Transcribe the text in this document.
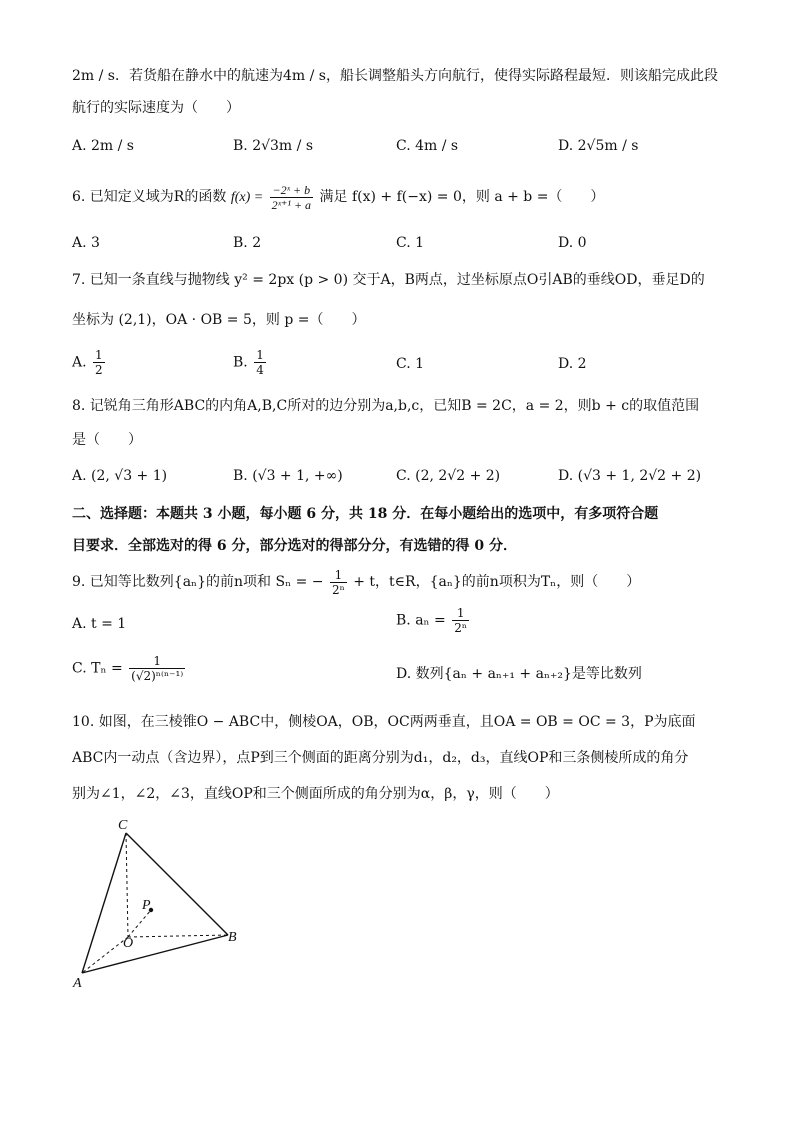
2m / s．若货船在静水中的航速为4m / s，船长调整船头方向航行，使得实际路程最短．则该船完成此段
航行的实际速度为（　　）
A. 2m / s	B. 2√3m / s	C. 4m / s	D. 2√5m / s
6. 已知定义域为R的函数 $f(x) = \frac{\text{−2ˣ + b}}{\text{2ˣ⁺¹ + a}}$ 满足 f(x) + f(−x) = 0，则 a + b =（　　）
A. 3	B. 2	C. 1	D. 0
7. 已知一条直线与抛物线 y² = 2px (p > 0) 交于A，B两点，过坐标原点O引AB的垂线OD，垂足D的
坐标为 (2,1)，OA · OB = 5，则 p =（　　）
A. $\frac{1}{2}$	B. $\frac{1}{4}$	C. 1	D. 2
8. 记锐角三角形ABC的内角A,B,C所对的边分别为a,b,c，已知B = 2C，a = 2，则b + c的取值范围
是（　　）
A. (2, √3 + 1)	B. (√3 + 1, +∞)	C. (2, 2√2 + 2)	D. (√3 + 1, 2√2 + 2)
二、选择题：本题共 3 小题，每小题 6 分，共 18 分．在每小题给出的选项中，有多项符合题
目要求．全部选对的得 6 分，部分选对的得部分分，有选错的得 0 分．
9. 已知等比数列{aₙ}的前n项和 Sₙ = − $\frac{1}{\text{2ⁿ}} + t$，t∈R，{aₙ}的前n项积为Tₙ，则（　　）
A. t = 1	B. $a_n = \frac{1}{\text{2ⁿ}}$
C. $T_n = \frac{1}{\text{(√2)ⁿ⁽ⁿ⁻¹⁾}}$	D. 数列{aₙ + aₙ₊₁ + aₙ₊₂}是等比数列
10. 如图，在三棱锥O − ABC中，侧棱OA，OB，OC两两垂直，且OA = OB = OC = 3，P为底面
ABC内一动点（含边界），点P到三个侧面的距离分别为d₁，d₂，d₃，直线OP和三条侧棱所成的角分
别为∠1，∠2，∠3，直线OP和三个侧面所成的角分别为α，β，γ，则（　　）
C
P
O	B
A
